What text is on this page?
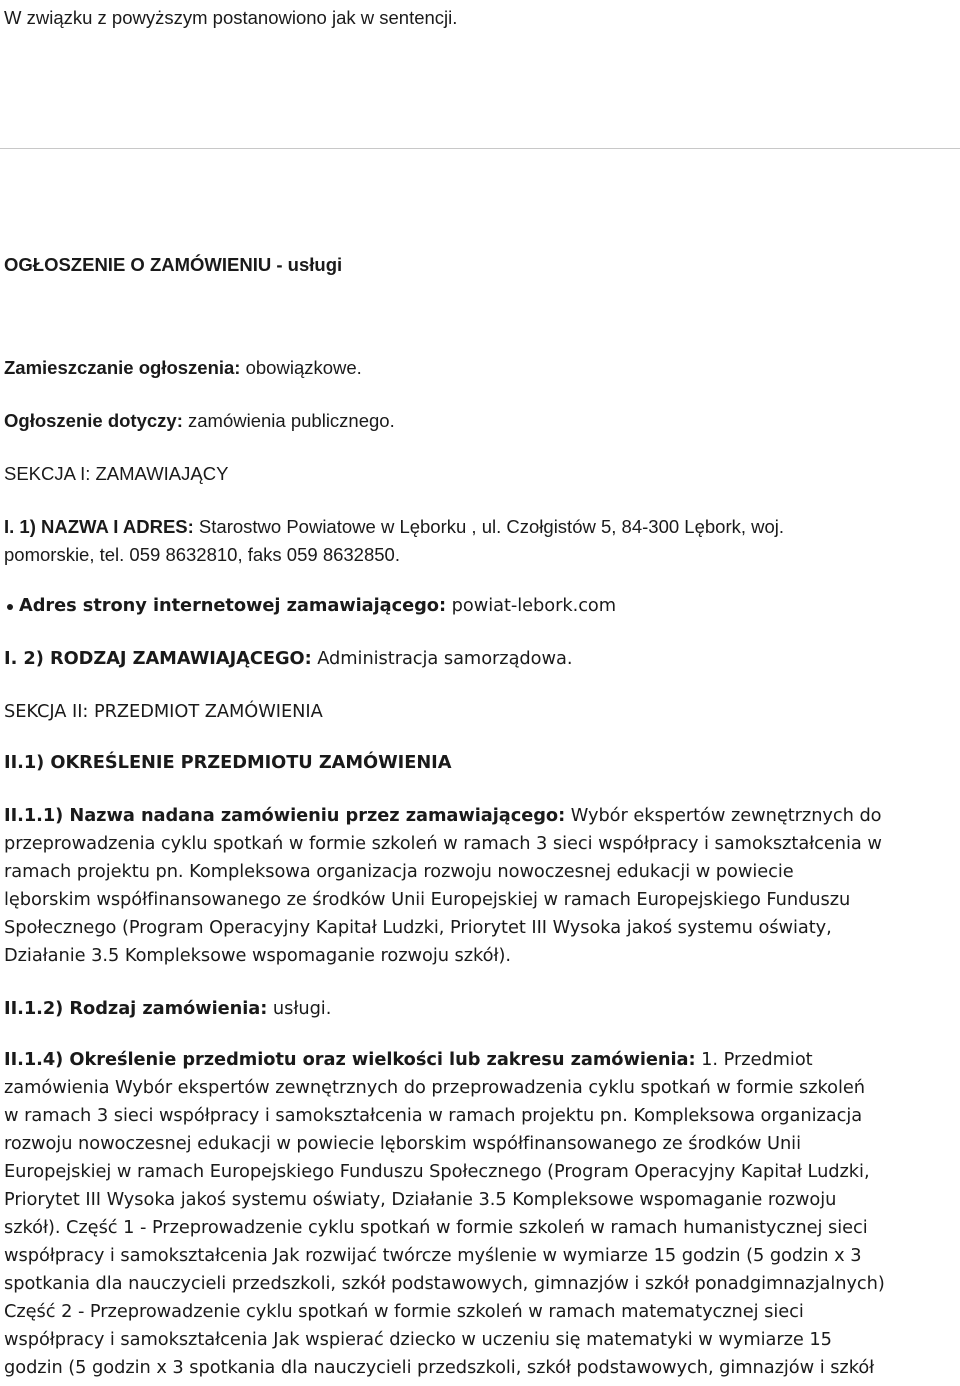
W związku z powyższym postanowiono jak w sentencji.
OGŁOSZENIE O ZAMÓWIENIU - usługi
Zamieszczanie ogłoszenia: obowiązkowe.
Ogłoszenie dotyczy: zamówienia publicznego.
SEKCJA I: ZAMAWIAJĄCY
I. 1) NAZWA I ADRES: Starostwo Powiatowe w Lęborku , ul. Czołgistów 5, 84-300 Lębork, woj.
pomorskie, tel. 059 8632810, faks 059 8632850.
Adres strony internetowej zamawiającego: powiat-lebork.com
I. 2) RODZAJ ZAMAWIAJĄCEGO: Administracja samorządowa.
SEKCJA II: PRZEDMIOT ZAMÓWIENIA
II.1) OKREŚLENIE PRZEDMIOTU ZAMÓWIENIA
II.1.1) Nazwa nadana zamówieniu przez zamawiającego: Wybór ekspertów zewnętrznych do
przeprowadzenia cyklu spotkań w formie szkoleń w ramach 3 sieci współpracy i samokształcenia w
ramach projektu pn. Kompleksowa organizacja rozwoju nowoczesnej edukacji w powiecie
lęborskim współfinansowanego ze środków Unii Europejskiej w ramach Europejskiego Funduszu
Społecznego (Program Operacyjny Kapitał Ludzki, Priorytet III Wysoka jakoś systemu oświaty,
Działanie 3.5 Kompleksowe wspomaganie rozwoju szkół).
II.1.2) Rodzaj zamówienia: usługi.
II.1.4) Określenie przedmiotu oraz wielkości lub zakresu zamówienia: 1. Przedmiot
zamówienia Wybór ekspertów zewnętrznych do przeprowadzenia cyklu spotkań w formie szkoleń
w ramach 3 sieci współpracy i samokształcenia w ramach projektu pn. Kompleksowa organizacja
rozwoju nowoczesnej edukacji w powiecie lęborskim współfinansowanego ze środków Unii
Europejskiej w ramach Europejskiego Funduszu Społecznego (Program Operacyjny Kapitał Ludzki,
Priorytet III Wysoka jakoś systemu oświaty, Działanie 3.5 Kompleksowe wspomaganie rozwoju
szkół). Część 1 - Przeprowadzenie cyklu spotkań w formie szkoleń w ramach humanistycznej sieci
współpracy i samokształcenia Jak rozwijać twórcze myślenie w wymiarze 15 godzin (5 godzin x 3
spotkania dla nauczycieli przedszkoli, szkół podstawowych, gimnazjów i szkół ponadgimnazjalnych)
Część 2 - Przeprowadzenie cyklu spotkań w formie szkoleń w ramach matematycznej sieci
współpracy i samokształcenia Jak wspierać dziecko w uczeniu się matematyki w wymiarze 15
godzin (5 godzin x 3 spotkania dla nauczycieli przedszkoli, szkół podstawowych, gimnazjów i szkół
